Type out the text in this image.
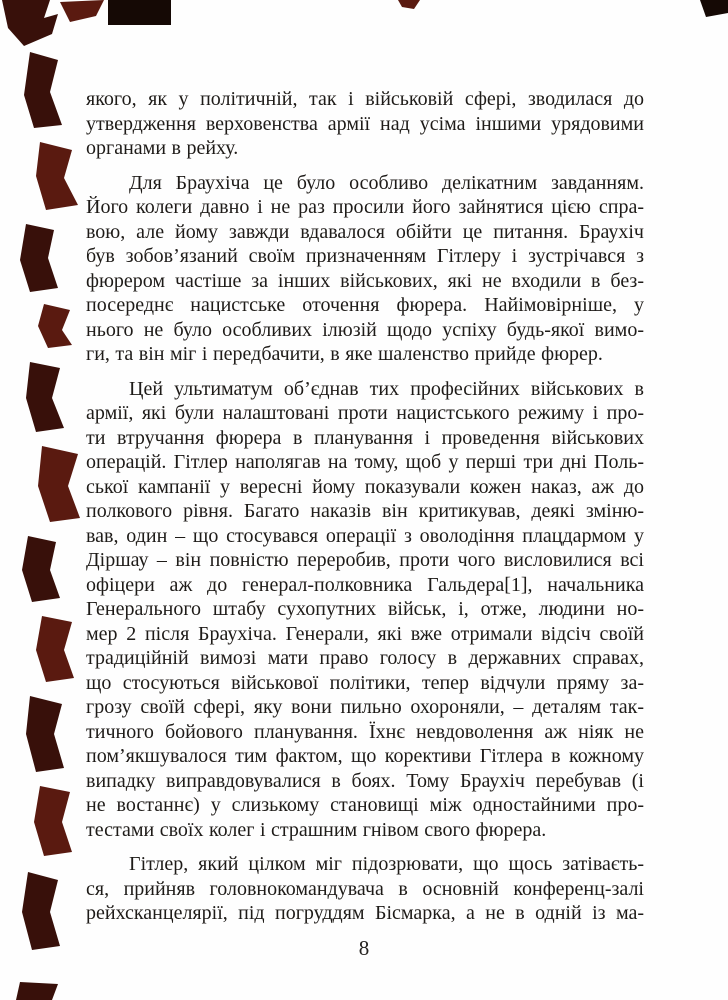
якого, як у політичній, так і військовій сфері, зводилася до
утвердження верховенства армії над усіма іншими урядовими
органами в рейху.
Для Браухіча це було особливо делікатним завданням.
Його колеги давно і не раз просили його зайнятися цією спра-
вою, але йому завжди вдавалося обійти це питання. Браухіч
був зобов’язаний своїм призначенням Гітлеру і зустрічався з
фюрером частіше за інших військових, які не входили в без-
посереднє нацистське оточення фюрера. Найімовірніше, у
нього не було особливих ілюзій щодо успіху будь-якої вимо-
ги, та він міг і передбачити, в яке шаленство прийде фюрер.
Цей ультиматум об’єднав тих професійних військових в
армії, які були налаштовані проти нацистського режиму і про-
ти втручання фюрера в планування і проведення військових
операцій. Гітлер наполягав на тому, щоб у перші три дні Поль-
ської кампанії у вересні йому показували кожен наказ, аж до
полкового рівня. Багато наказів він критикував, деякі зміню-
вав, один – що стосувався операції з оволодіння плацдармом у
Діршау – він повністю переробив, проти чого висловилися всі
офіцери аж до генерал-полковника Гальдера[1], начальника
Генерального штабу сухопутних військ, і, отже, людини но-
мер 2 після Браухіча. Генерали, які вже отримали відсіч своїй
традиційній вимозі мати право голосу в державних справах,
що стосуються військової політики, тепер відчули пряму за-
грозу своїй сфері, яку вони пильно охороняли, – деталям так-
тичного бойового планування. Їхнє невдоволення аж ніяк не
пом’якшувалося тим фактом, що корективи Гітлера в кожному
випадку виправдовувалися в боях. Тому Браухіч перебував (і
не востаннє) у слизькому становищі між одностайними про-
тестами своїх колег і страшним гнівом свого фюрера.
Гітлер, який цілком міг підозрювати, що щось затіваєть-
ся, прийняв головнокомандувача в основній конференц-залі
рейхсканцелярії, під погруддям Бісмарка, а не в одній із ма-
8
